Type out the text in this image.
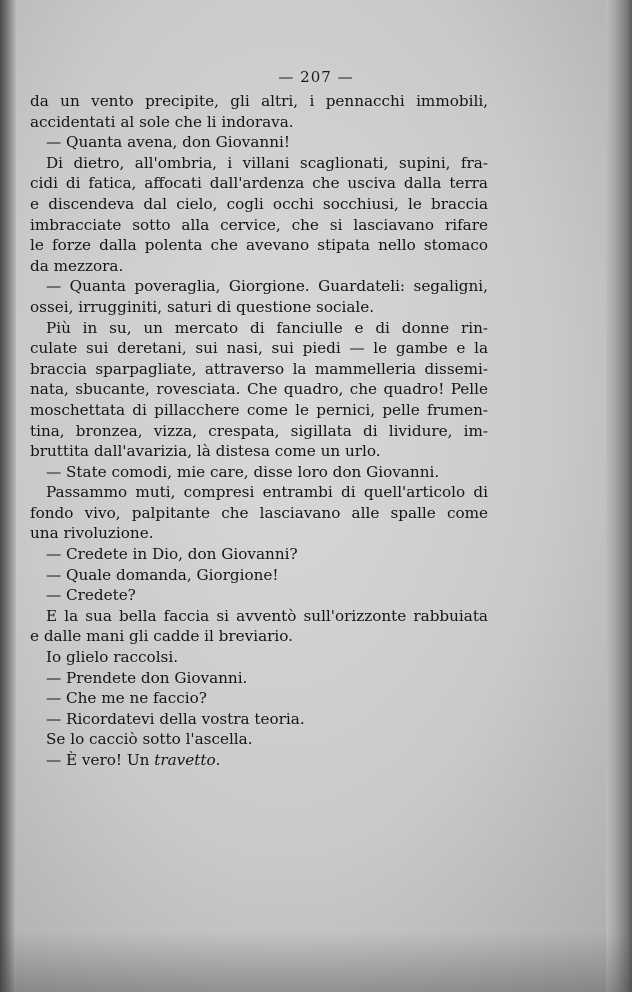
— 207 —
da un vento precipite, gli altri, i pennacchi immobili,
accidentati al sole che li indorava.
— Quanta avena, don Giovanni!
Di dietro, all'ombria, i villani scaglionati, supini, fra-
cidi di fatica, affocati dall'ardenza che usciva dalla terra
e discendeva dal cielo, cogli occhi socchiusi, le braccia
imbracciate sotto alla cervice, che si lasciavano rifare
le forze dalla polenta che avevano stipata nello stomaco
da mezzora.
— Quanta poveraglia, Giorgione. Guardateli: segaligni,
ossei, irrugginiti, saturi di questione sociale.
Più in su, un mercato di fanciulle e di donne rin-
culate sui deretani, sui nasi, sui piedi — le gambe e la
braccia sparpagliate, attraverso la mammelleria dissemi-
nata, sbucante, rovesciata. Che quadro, che quadro! Pelle
moschettata di pillacchere come le pernici, pelle frumen-
tina, bronzea, vizza, crespata, sigillata di lividure, im-
bruttita dall'avarizia, là distesa come un urlo.
— State comodi, mie care, disse loro don Giovanni.
Passammo muti, compresi entrambi di quell'articolo di
fondo vivo, palpitante che lasciavano alle spalle come
una rivoluzione.
— Credete in Dio, don Giovanni?
— Quale domanda, Giorgione!
— Credete?
E la sua bella faccia si avventò sull'orizzonte rabbuiata
e dalle mani gli cadde il breviario.
Io glielo raccolsi.
— Prendete don Giovanni.
— Che me ne faccio?
— Ricordatevi della vostra teoria.
Se lo cacciò sotto l'ascella.
— È vero! Un travetto.
